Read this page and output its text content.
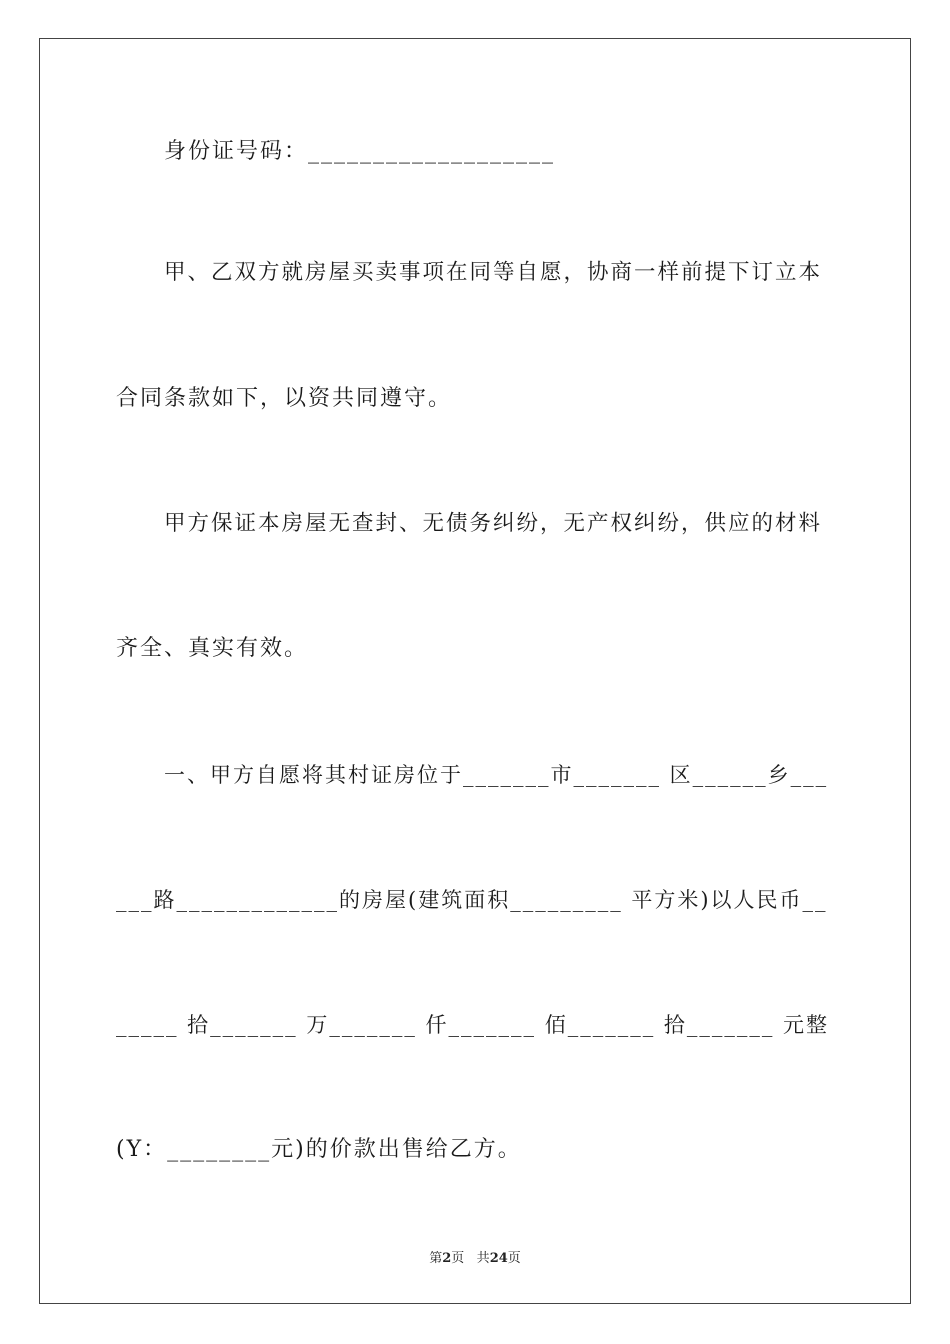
身份证号码：___________________
甲、乙双方就房屋买卖事项在同等自愿，协商一样前提下订立本
合同条款如下，以资共同遵守。
甲方保证本房屋无查封、无债务纠纷，无产权纠纷，供应的材料
齐全、真实有效。
一、甲方自愿将其村证房位于_______市_______ 区______乡___
___路_____________的房屋(建筑面积_________ 平方米)以人民币__
_____ 拾_______ 万_______ 仟_______ 佰_______ 拾_______ 元整
(Y：________元)的价款出售给乙方。
第2页 共24页
